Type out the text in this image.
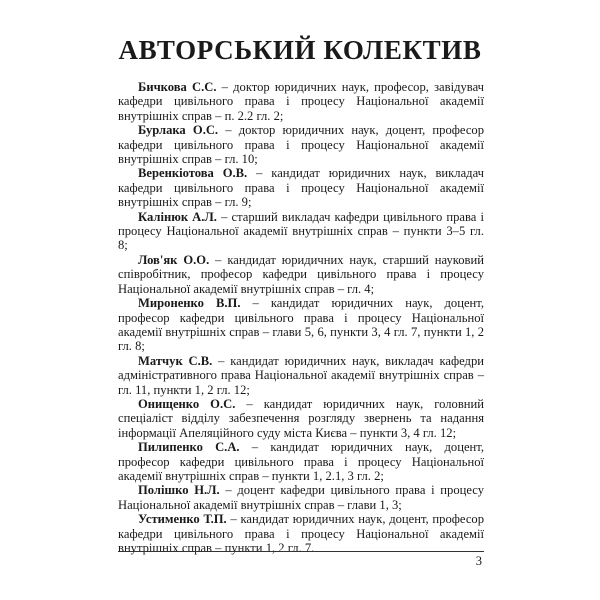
АВТОРСЬКИЙ КОЛЕКТИВ

Бичкова С.С. – доктор юридичних наук, професор, завідувач кафедри цивільного права і процесу Національної академії внутрішніх справ – п. 2.2 гл. 2;

Бурлака О.С. – доктор юридичних наук, доцент, професор кафедри цивільного права і процесу Національної академії внутрішніх справ – гл. 10;

Веренкіотова О.В. – кандидат юридичних наук, викладач кафедри цивільного права і процесу Національної академії внутрішніх справ – гл. 9;

Калінюк А.Л. – старший викладач кафедри цивільного права і процесу Національної академії внутрішніх справ – пункти 3–5 гл. 8;

Лов'як О.О. – кандидат юридичних наук, старший науковий співробітник, професор кафедри цивільного права і процесу Національної академії внутрішніх справ – гл. 4;

Мироненко В.П. – кандидат юридичних наук, доцент, професор кафедри цивільного права і процесу Національної академії внутрішніх справ – глави 5, 6, пункти 3, 4 гл. 7, пункти 1, 2 гл. 8;

Матчук С.В. – кандидат юридичних наук, викладач кафедри адміністративного права Національної академії внутрішніх справ – гл. 11, пункти 1, 2 гл. 12;

Онищенко О.С. – кандидат юридичних наук, головний спеціаліст відділу забезпечення розгляду звернень та надання інформації Апеляційного суду міста Києва – пункти 3, 4 гл. 12;

Пилипенко С.А. – кандидат юридичних наук, доцент, професор кафедри цивільного права і процесу Національної академії внутрішніх справ – пункти 1, 2.1, 3 гл. 2;

Полішко Н.Л. – доцент кафедри цивільного права і процесу Національної академії внутрішніх справ – глави 1, 3;

Устименко Т.П. – кандидат юридичних наук, доцент, професор кафедри цивільного права і процесу Національної академії внутрішніх справ – пункти 1, 2 гл. 7.

3
